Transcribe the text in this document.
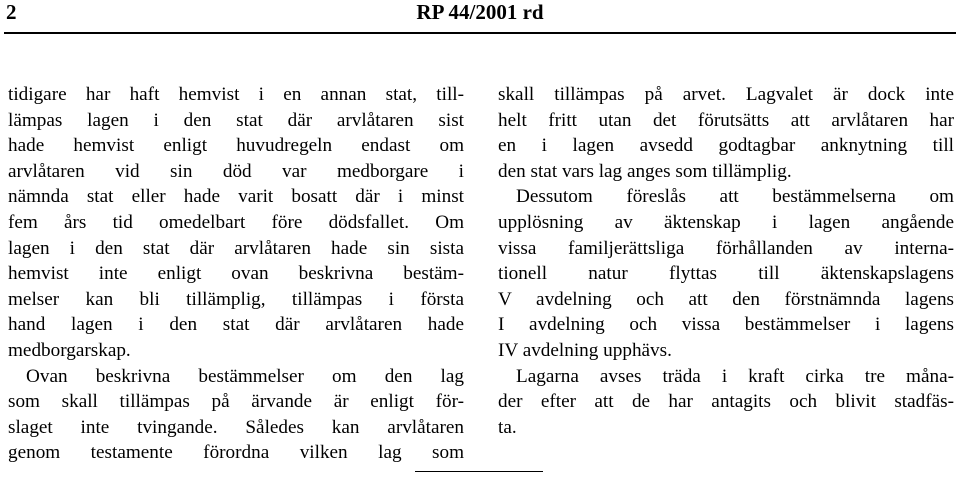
2	RP 44/2001 rd
tidigare har haft hemvist i en annan stat, till-
lämpas lagen i den stat där arvlåtaren sist
hade hemvist enligt huvudregeln endast om
arvlåtaren vid sin död var medborgare i
nämnda stat eller hade varit bosatt där i minst
fem års tid omedelbart före dödsfallet. Om
lagen i den stat där arvlåtaren hade sin sista
hemvist inte enligt ovan beskrivna bestäm-
melser kan bli tillämplig, tillämpas i första
hand lagen i den stat där arvlåtaren hade
medborgarskap.
Ovan beskrivna bestämmelser om den lag
som skall tillämpas på ärvande är enligt för-
slaget inte tvingande. Således kan arvlåtaren
genom testamente förordna vilken lag som
skall tillämpas på arvet. Lagvalet är dock inte
helt fritt utan det förutsätts att arvlåtaren har
en i lagen avsedd godtagbar anknytning till
den stat vars lag anges som tillämplig.
Dessutom föreslås att bestämmelserna om
upplösning av äktenskap i lagen angående
vissa familjerättsliga förhållanden av interna-
tionell natur flyttas till äktenskapslagens
V avdelning och att den förstnämnda lagens
I avdelning och vissa bestämmelser i lagens
IV avdelning upphävs.
Lagarna avses träda i kraft cirka tre måna-
der efter att de har antagits och blivit stadfäs-
ta.
